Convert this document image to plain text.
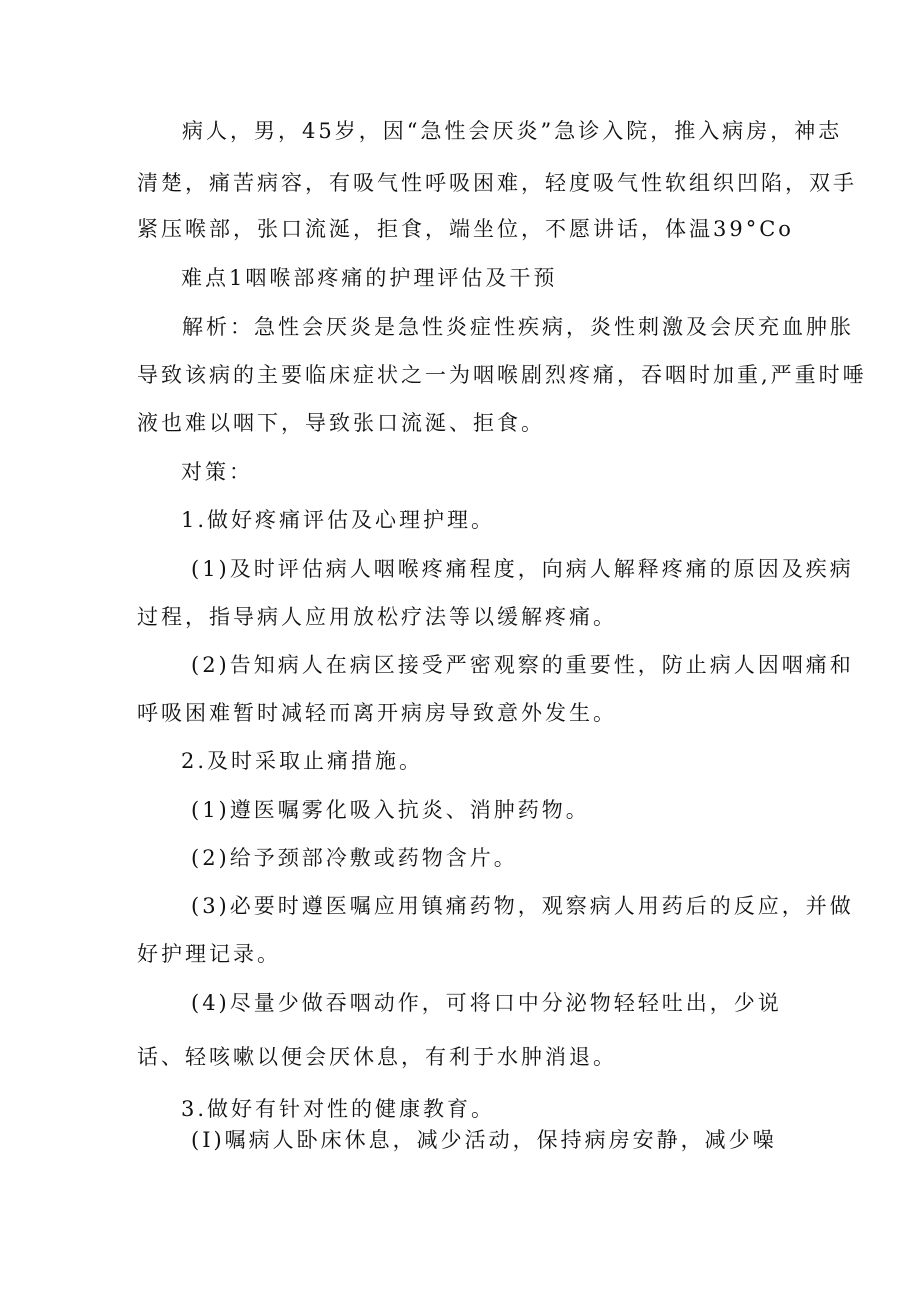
病人，男，45岁，因“急性会厌炎”急诊入院，推入病房，神志
清楚，痛苦病容，有吸气性呼吸困难，轻度吸气性软组织凹陷，双手
紧压喉部，张口流涎，拒食，端坐位，不愿讲话，体温39°Co
难点1咽喉部疼痛的护理评估及干预
解析：急性会厌炎是急性炎症性疾病，炎性刺激及会厌充血肿胀
导致该病的主要临床症状之一为咽喉剧烈疼痛，吞咽时加重,严重时唾
液也难以咽下，导致张口流涎、拒食。
对策：
1.做好疼痛评估及心理护理。
(1)及时评估病人咽喉疼痛程度，向病人解释疼痛的原因及疾病
过程，指导病人应用放松疗法等以缓解疼痛。
(2)告知病人在病区接受严密观察的重要性，防止病人因咽痛和
呼吸困难暂时减轻而离开病房导致意外发生。
2.及时采取止痛措施。
(1)遵医嘱雾化吸入抗炎、消肿药物。
(2)给予颈部冷敷或药物含片。
(3)必要时遵医嘱应用镇痛药物，观察病人用药后的反应，并做
好护理记录。
(4)尽量少做吞咽动作，可将口中分泌物轻轻吐出，少说
话、轻咳嗽以便会厌休息，有利于水肿消退。
3.做好有针对性的健康教育。
(I)嘱病人卧床休息，减少活动，保持病房安静，减少噪
